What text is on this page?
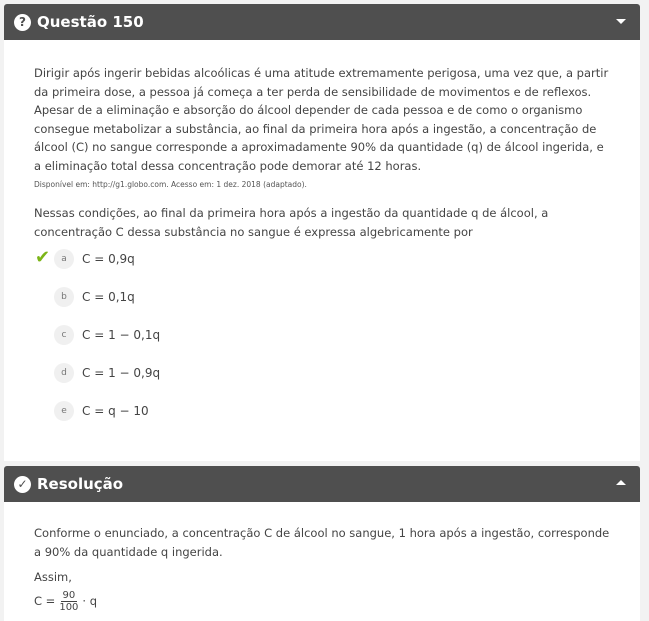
? Questão 150
Dirigir após ingerir bebidas alcoólicas é uma atitude extremamente perigosa, uma vez que, a partir da primeira dose, a pessoa já começa a ter perda de sensibilidade de movimentos e de reflexos. Apesar de a eliminação e absorção do álcool depender de cada pessoa e de como o organismo consegue metabolizar a substância, ao final da primeira hora após a ingestão, a concentração de álcool (C) no sangue corresponde a aproximadamente 90% da quantidade (q) de álcool ingerida, e a eliminação total dessa concentração pode demorar até 12 horas.
Disponível em: http://g1.globo.com. Acesso em: 1 dez. 2018 (adaptado).
Nessas condições, ao final da primeira hora após a ingestão da quantidade q de álcool, a concentração C dessa substância no sangue é expressa algebricamente por
✔	a	C = 0,9q
b	C = 0,1q
c	C = 1 − 0,1q
d	C = 1 − 0,9q
e	C = q − 10
✓ Resolução
Conforme o enunciado, a concentração C de álcool no sangue, 1 hora após a ingestão, corresponde a 90% da quantidade q ingerida.
Assim,
$C = \frac{90}{100} \cdot q$
